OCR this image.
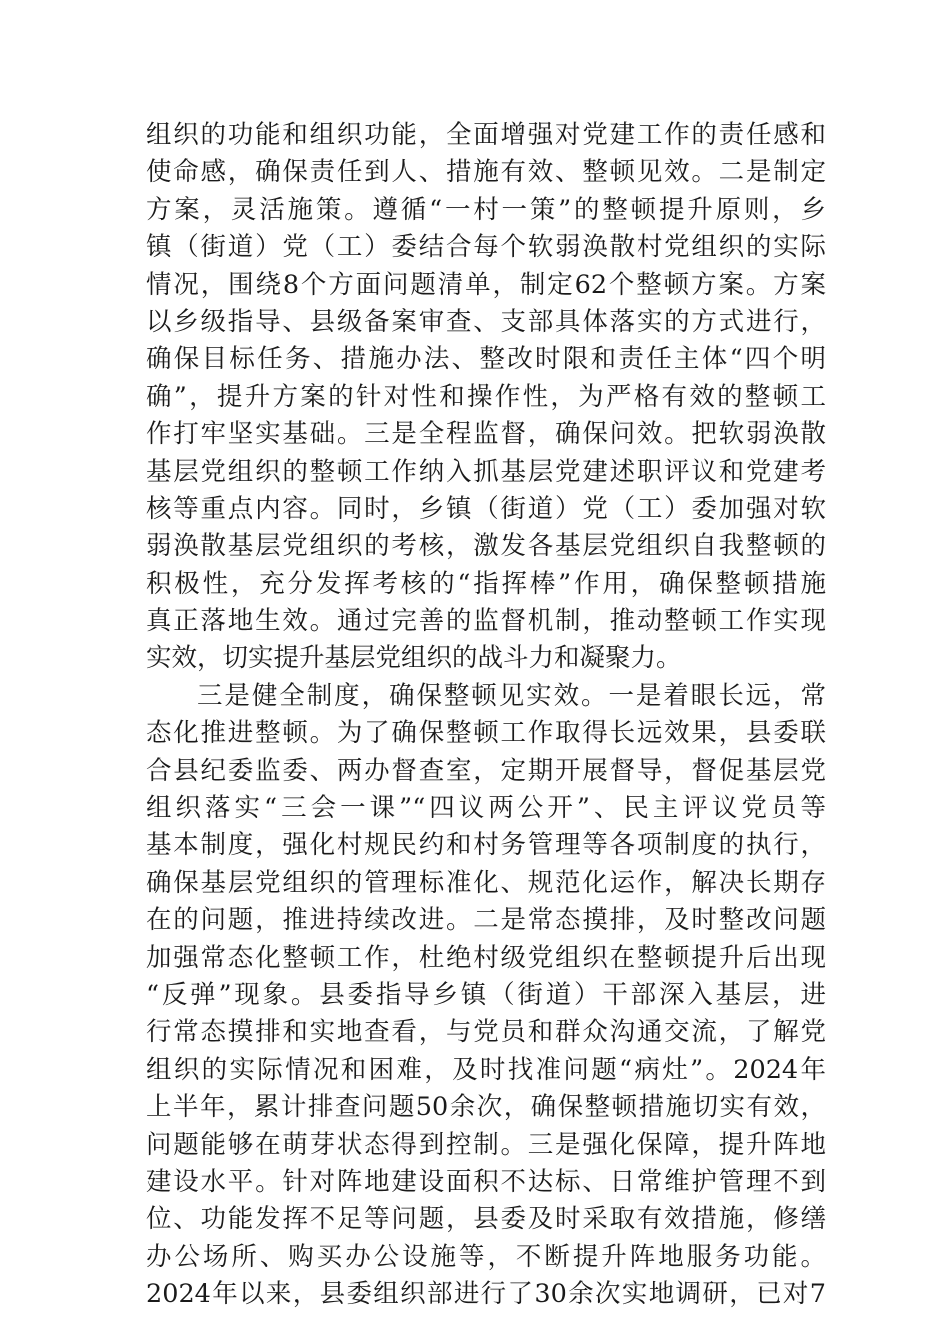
组织的功能和组织功能，全面增强对党建工作的责任感和
使命感，确保责任到人、措施有效、整顿见效。二是制定
方案，灵活施策。遵循“一村一策”的整顿提升原则，乡
镇（街道）党（工）委结合每个软弱涣散村党组织的实际
情况，围绕8个方面问题清单，制定62个整顿方案。方案
以乡级指导、县级备案审查、支部具体落实的方式进行，
确保目标任务、措施办法、整改时限和责任主体“四个明
确”，提升方案的针对性和操作性，为严格有效的整顿工
作打牢坚实基础。三是全程监督，确保问效。把软弱涣散
基层党组织的整顿工作纳入抓基层党建述职评议和党建考
核等重点内容。同时，乡镇（街道）党（工）委加强对软
弱涣散基层党组织的考核，激发各基层党组织自我整顿的
积极性，充分发挥考核的“指挥棒”作用，确保整顿措施
真正落地生效。通过完善的监督机制，推动整顿工作实现
实效，切实提升基层党组织的战斗力和凝聚力。
三是健全制度，确保整顿见实效。一是着眼长远，常
态化推进整顿。为了确保整顿工作取得长远效果，县委联
合县纪委监委、两办督查室，定期开展督导，督促基层党
组织落实“三会一课”“四议两公开”、民主评议党员等
基本制度，强化村规民约和村务管理等各项制度的执行，
确保基层党组织的管理标准化、规范化运作，解决长期存
在的问题，推进持续改进。二是常态摸排，及时整改问题
加强常态化整顿工作，杜绝村级党组织在整顿提升后出现
“反弹”现象。县委指导乡镇（街道）干部深入基层，进
行常态摸排和实地查看，与党员和群众沟通交流，了解党
组织的实际情况和困难，及时找准问题“病灶”。2024年
上半年，累计排查问题50余次，确保整顿措施切实有效，
问题能够在萌芽状态得到控制。三是强化保障，提升阵地
建设水平。针对阵地建设面积不达标、日常维护管理不到
位、功能发挥不足等问题，县委及时采取有效措施，修缮
办公场所、购买办公设施等，不断提升阵地服务功能。
2024年以来，县委组织部进行了30余次实地调研，已对7
